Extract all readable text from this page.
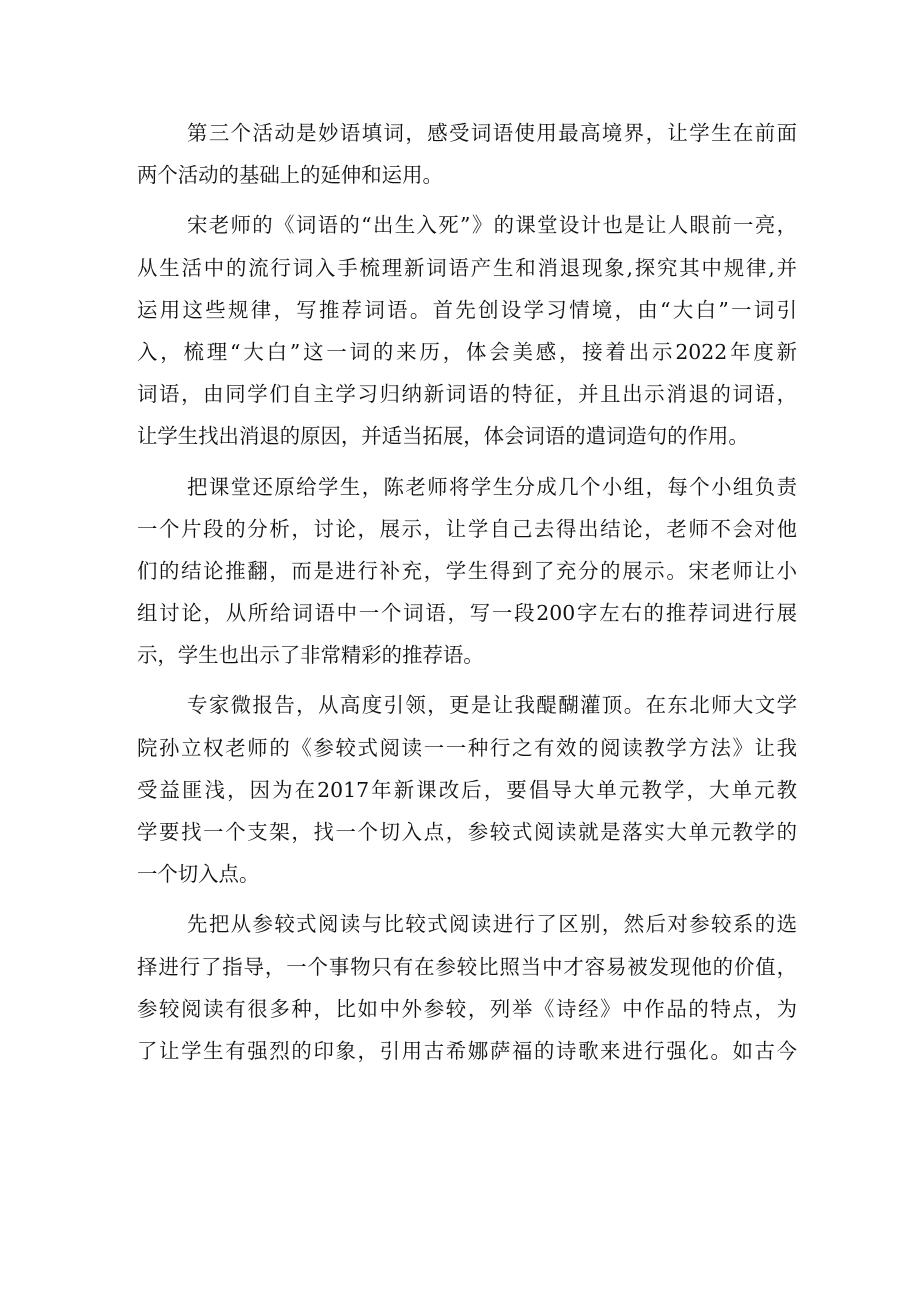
第三个活动是妙语填词，感受词语使用最高境界，让学生在前面
两个活动的基础上的延伸和运用。
宋老师的《词语的“出生入死”》的课堂设计也是让人眼前一亮，
从生活中的流行词入手梳理新词语产生和消退现象,探究其中规律,并
运用这些规律，写推荐词语。首先创设学习情境，由“大白”一词引
入，梳理“大白”这一词的来历，体会美感，接着出示2022年度新
词语，由同学们自主学习归纳新词语的特征，并且出示消退的词语，
让学生找出消退的原因，并适当拓展，体会词语的遣词造句的作用。
把课堂还原给学生，陈老师将学生分成几个小组，每个小组负责
一个片段的分析，讨论，展示，让学自己去得出结论，老师不会对他
们的结论推翻，而是进行补充，学生得到了充分的展示。宋老师让小
组讨论，从所给词语中一个词语，写一段200字左右的推荐词进行展
示，学生也出示了非常精彩的推荐语。
专家微报告，从高度引领，更是让我醍醐灌顶。在东北师大文学
院孙立权老师的《参较式阅读一一种行之有效的阅读教学方法》让我
受益匪浅，因为在2017年新课改后，要倡导大单元教学，大单元教
学要找一个支架，找一个切入点，参较式阅读就是落实大单元教学的
一个切入点。
先把从参较式阅读与比较式阅读进行了区别，然后对参较系的选
择进行了指导，一个事物只有在参较比照当中才容易被发现他的价值，
参较阅读有很多种，比如中外参较，列举《诗经》中作品的特点，为
了让学生有强烈的印象，引用古希娜萨福的诗歌来进行强化。如古今
